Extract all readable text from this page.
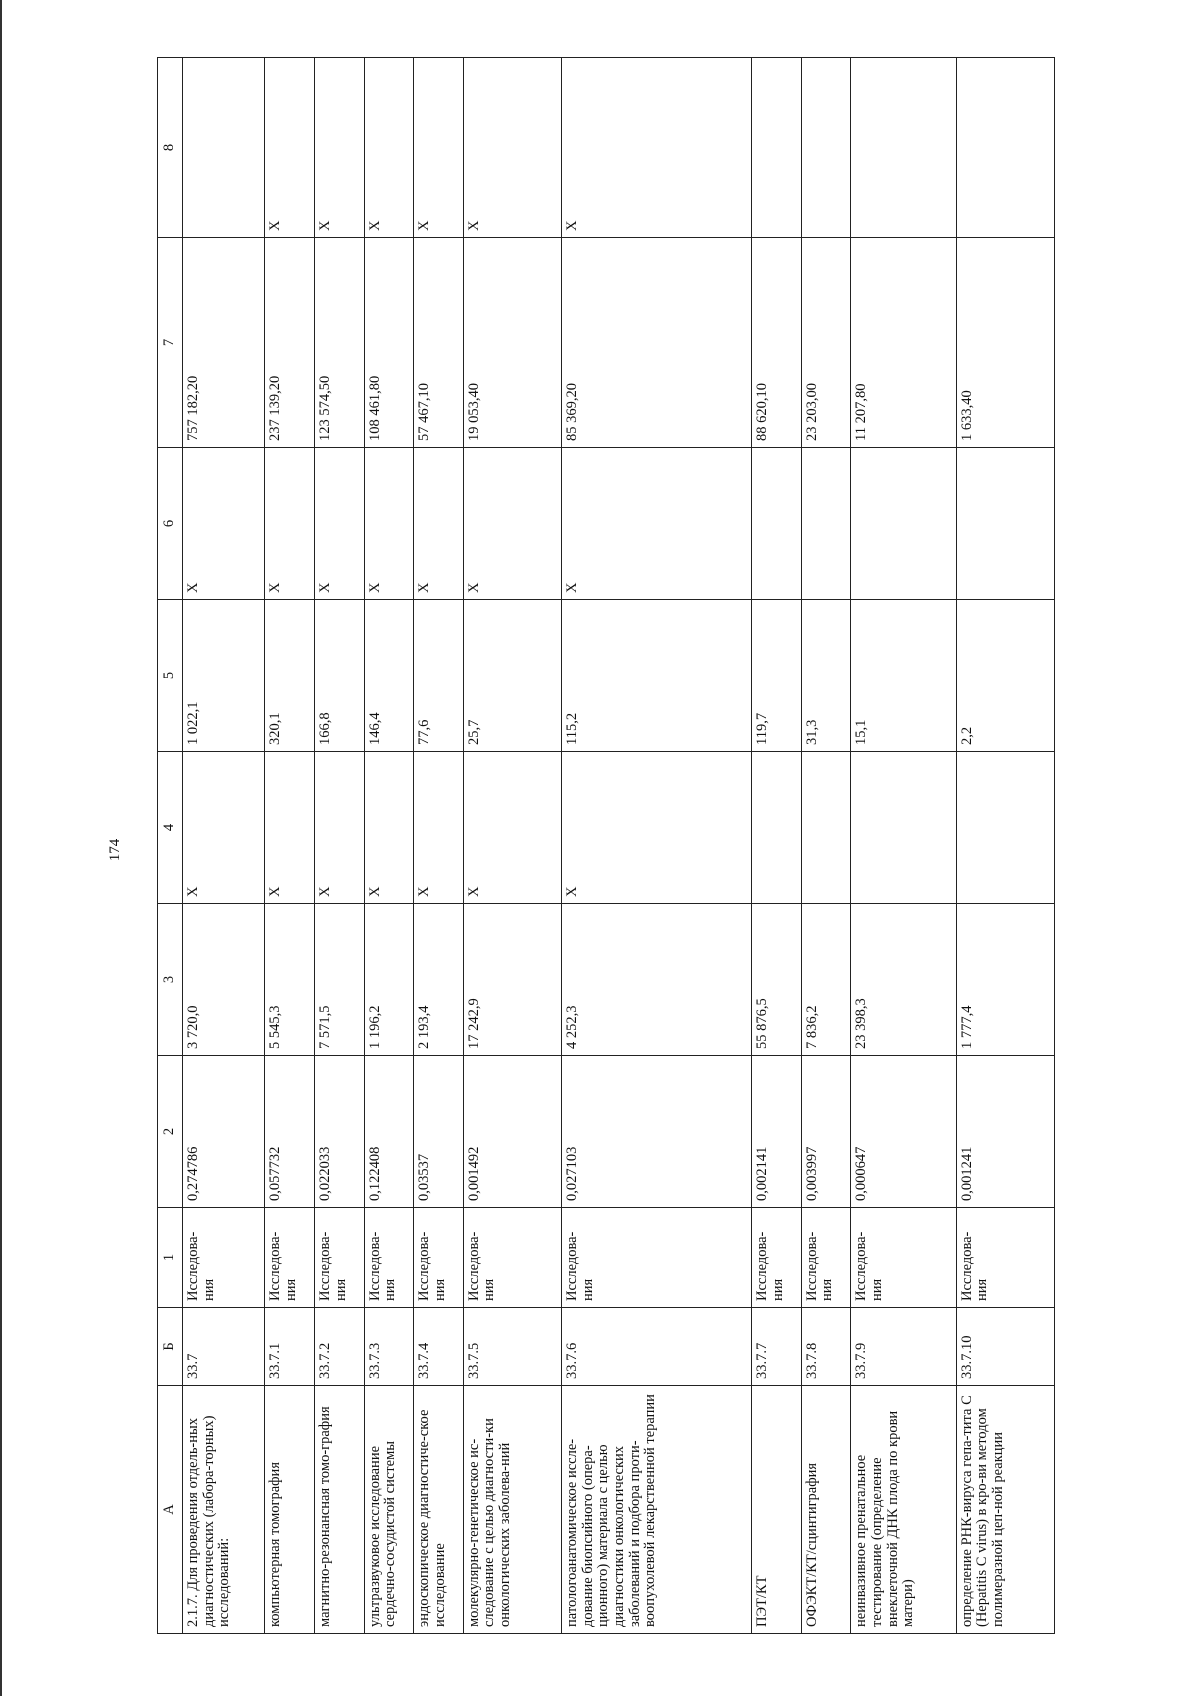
174
А	Б	1	2	3	4	5	6	7	8
2.1.7. Для проведения отдель-ных диагностических (лабора-торных) исследований:	33.7	Исследова-ния	0,274786	3 720,0	Х	1 022,1	Х	757 182,20	
компьютерная томография	33.7.1	Исследова-ния	0,057732	5 545,3	Х	320,1	Х	237 139,20	Х
магнитно-резонансная томо-графия	33.7.2	Исследова-ния	0,022033	7 571,5	Х	166,8	Х	123 574,50	Х
ультразвуковое исследование сердечно-сосудистой системы	33.7.3	Исследова-ния	0,122408	1 196,2	Х	146,4	Х	108 461,80	Х
эндоскопическое диагностиче-ское исследование	33.7.4	Исследова-ния	0,03537	2 193,4	Х	77,6	Х	57 467,10	Х
молекулярно-генетическое ис-следование с целью диагности-ки онкологических заболева-ний	33.7.5	Исследова-ния	0,001492	17 242,9	Х	25,7	Х	19 053,40	Х
патологоанатомическое иссле-дование биопсийного (опера-ционного) материала с целью диагностики онкологических заболеваний и подбора проти-воопухолевой лекарственной терапии	33.7.6	Исследова-ния	0,027103	4 252,3	Х	115,2	Х	85 369,20	Х
ПЭТ/КТ	33.7.7	Исследова-ния	0,002141	55 876,5		119,7		88 620,10	
ОФЭКТ/КТ/сцинтиграфия	33.7.8	Исследова-ния	0,003997	7 836,2		31,3		23 203,00	
неинвазивное пренатальное тестирование (определение внеклеточной ДНК плода по крови матери)	33.7.9	Исследова-ния	0,000647	23 398,3		15,1		11 207,80	
определение РНК-вируса гепа-тита С (Hepatitis C virus) в кро-ви методом полимеразной цеп-ной реакции	33.7.10	Исследова-ния	0,001241	1 777,4		2,2		1 633,40	
